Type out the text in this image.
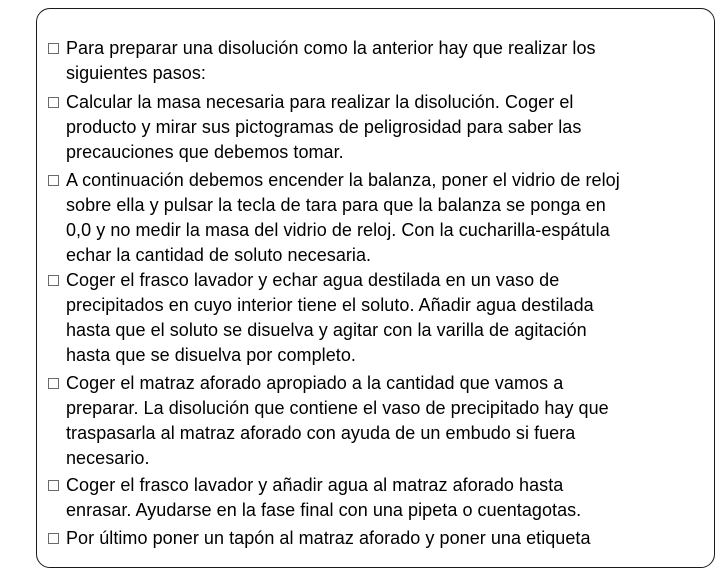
Para preparar una disolución como la anterior hay que realizar los
siguientes pasos:
Calcular la masa necesaria para realizar la disolución. Coger el
producto y mirar sus pictogramas de peligrosidad para saber las
precauciones que debemos tomar.
A continuación debemos encender la balanza, poner el vidrio de reloj
sobre ella y pulsar la tecla de tara para que la balanza se ponga en
0,0 y no medir la masa del vidrio de reloj. Con la cucharilla-espátula
echar la cantidad de soluto necesaria.
Coger el frasco lavador y echar agua destilada en un vaso de
precipitados en cuyo interior tiene el soluto. Añadir agua destilada
hasta que el soluto se disuelva y agitar con la varilla de agitación
hasta que se disuelva por completo.
Coger el matraz aforado apropiado a la cantidad que vamos a
preparar. La disolución que contiene el vaso de precipitado hay que
traspasarla al matraz aforado con ayuda de un embudo si fuera
necesario.
Coger el frasco lavador y añadir agua al matraz aforado hasta
enrasar. Ayudarse en la fase final con una pipeta o cuentagotas.
Por último poner un tapón al matraz aforado y poner una etiqueta
